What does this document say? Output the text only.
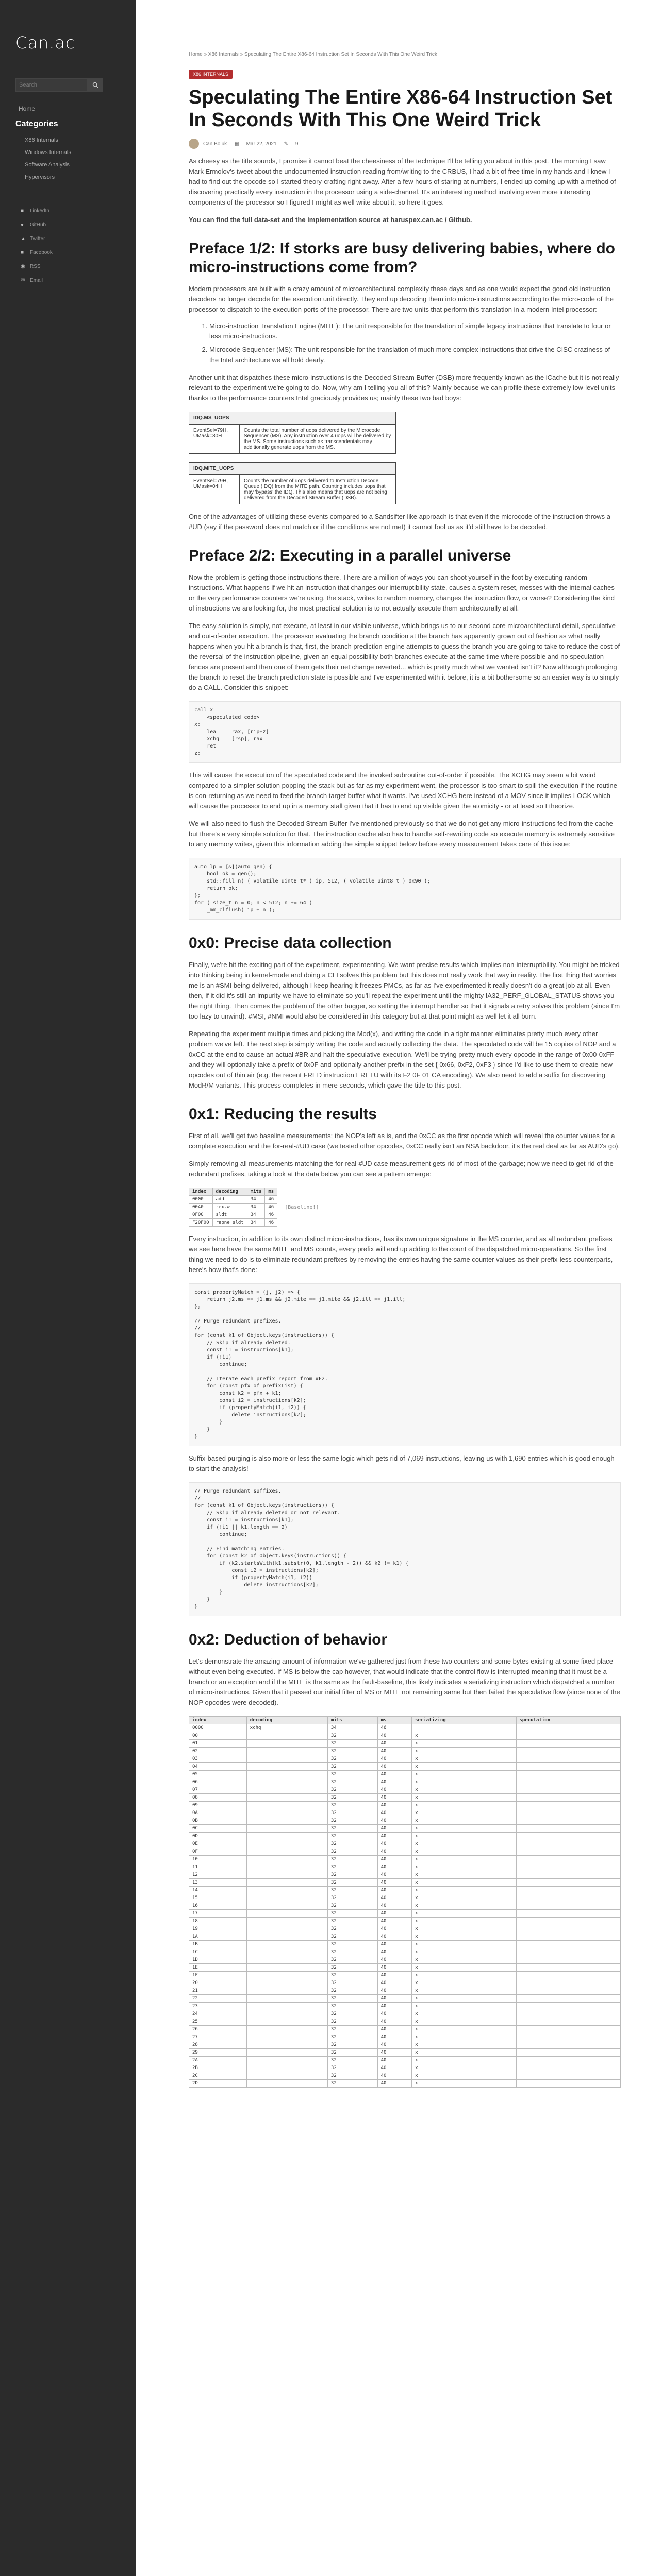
Can.ac
Search
Home
Categories
X86 Internals
Windows Internals
Software Analysis
Hypervisors
■	LinkedIn
●	GitHub
▲ Twitter
■	Facebook
◉ RSS
✉ Email
Home » X86 Internals » Speculating The Entire X86-64 Instruction Set In Seconds With This One Weird Trick
X86 INTERNALS
Speculating The Entire X86-64 Instruction Set In Seconds With This One Weird Trick
Can Bölük ▦ Mar 22, 2021 ✎ 9

As cheesy as the title sounds, I promise it cannot beat the cheesiness of the technique I'll be telling you about in this post. The morning I saw Mark Ermolov's tweet about the undocumented instruction reading from/writing to the CRBUS, I had a bit of free time in my hands and I knew I had to find out the opcode so I started theory-crafting right away. After a few hours of staring at numbers, I ended up coming up with a method of discovering practically every instruction in the processor using a side-channel. It's an interesting method involving even more interesting components of the processor so I figured I might as well write about it, so here it goes.

You can find the full data-set and the implementation source at haruspex.can.ac / Github.

Preface 1/2: If storks are busy delivering babies, where do micro-instructions come from?

Modern processors are built with a crazy amount of microarchitectural complexity these days and as one would expect the good old instruction decoders no longer decode for the execution unit directly. They end up decoding them into micro-instructions according to the micro-code of the processor to dispatch to the execution ports of the processor. There are two units that perform this translation in a modern Intel processor:

1. Micro-instruction Translation Engine (MITE): The unit responsible for the translation of simple legacy instructions that translate to four or less micro-instructions.
2. Microcode Sequencer (MS): The unit responsible for the translation of much more complex instructions that drive the CISC craziness of the Intel architecture we all hold dearly.

Another unit that dispatches these micro-instructions is the Decoded Stream Buffer (DSB) more frequently known as the iCache but it is not really relevant to the experiment we're going to do. Now, why am I telling you all of this? Mainly because we can profile these extremely low-level units thanks to the performance counters Intel graciously provides us; mainly these two bad boys:

IDQ.MS_UOPS
EventSel=79H, UMask=30H	Counts the total number of uops delivered by the Microcode Sequencer (MS). Any instruction over 4 uops will be delivered by the MS. Some instructions such as transcendentals may additionally generate uops from the MS.
IDQ.MITE_UOPS
EventSel=79H, UMask=04H	Counts the number of uops delivered to Instruction Decode Queue (IDQ) from the MITE path. Counting includes uops that may 'bypass' the IDQ. This also means that uops are not being delivered from the Decoded Stream Buffer (DSB).

One of the advantages of utilizing these events compared to a Sandsifter-like approach is that even if the microcode of the instruction throws a #UD (say if the password does not match or if the conditions are not met) it cannot fool us as it'd still have to be decoded.

Preface 2/2: Executing in a parallel universe

Now the problem is getting those instructions there. There are a million of ways you can shoot yourself in the foot by executing random instructions. What happens if we hit an instruction that changes our interruptibility state, causes a system reset, messes with the internal caches or the very performance counters we're using, the stack, writes to random memory, changes the instruction flow, or worse? Considering the kind of instructions we are looking for, the most practical solution is to not actually execute them architecturally at all.

The easy solution is simply, not execute, at least in our visible universe, which brings us to our second core microarchitectural detail, speculative and out-of-order execution. The processor evaluating the branch condition at the branch has apparently grown out of fashion as what really happens when you hit a branch is that, first, the branch prediction engine attempts to guess the branch you are going to take to reduce the cost of the reversal of the instruction pipeline, given an equal possibility both branches execute at the same time where possible and no speculation fences are present and then one of them gets their net change reverted... which is pretty much what we wanted isn't it? Now although prolonging the branch to reset the branch prediction state is possible and I've experimented with it before, it is a bit bothersome so an easier way is to simply do a CALL. Consider this snippet:

call x
<speculated code>
x:
lea     rax, [rip+z]
xchg    [rsp], rax
ret
z:

This will cause the execution of the speculated code and the invoked subroutine out-of-order if possible. The XCHG may seem a bit weird compared to a simpler solution popping the stack but as far as my experiment went, the processor is too smart to spill the execution if the routine is con-returning as we need to feed the branch target buffer what it wants. I've used XCHG here instead of a MOV since it implies LOCK which will cause the processor to end up in a memory stall given that it has to end up visible given the atomicity - or at least so I theorize.

We will also need to flush the Decoded Stream Buffer I've mentioned previously so that we do not get any micro-instructions fed from the cache but there's a very simple solution for that. The instruction cache also has to handle self-rewriting code so execute memory is extremely sensitive to any memory writes, given this information adding the simple snippet below before every measurement takes care of this issue:

auto lp = [&](auto gen) {
bool ok = gen();
std::fill_n( ( volatile uint8_t* ) ip, 512, ( volatile uint8_t ) 0x90 );
return ok;
};
for ( size_t n = 0; n < 512; n += 64 )
_mm_clflush( ip + n );
0x0: Precise data collection

Finally, we're hit the exciting part of the experiment, experimenting. We want precise results which implies non-interruptibility. You might be tricked into thinking being in kernel-mode and doing a CLI solves this problem but this does not really work that way in reality. The first thing that worries me is an #SMI being delivered, although I keep hearing it freezes PMCs, as far as I've experimented it really doesn't do a great job at all. Even then, if it did it's still an impurity we have to eliminate so you'll repeat the experiment until the mighty IA32_PERF_GLOBAL_STATUS shows you the right thing. Then comes the problem of the other bugger, so setting the interrupt handler so that it signals a retry solves this problem (since I'm too lazy to unwind). #MSI, #NMI would also be considered in this category but at that point might as well let it all burn.

Repeating the experiment multiple times and picking the Mod(x), and writing the code in a tight manner eliminates pretty much every other problem we've left. The next step is simply writing the code and actually collecting the data. The speculated code will be 15 copies of NOP and a 0xCC at the end to cause an actual #BR and halt the speculative execution. We'll be trying pretty much every opcode in the range of 0x00-0xFF and they will optionally take a prefix of 0x0F and optionally another prefix in the set { 0x66, 0xF2, 0xF3 } since I'd like to use them to create new opcodes out of thin air (e.g. the recent FRED instruction ERETU with its F2 0F 01 CA encoding). We also need to add a suffix for discovering ModR/M variants. This process completes in mere seconds, which gave the title to this post.

0x1: Reducing the results

First of all, we'll get two baseline measurements; the NOP's left as is, and the 0xCC as the first opcode which will reveal the counter values for a complete execution and the for-real-#UD case (we tested other opcodes, 0xCC really isn't an NSA backdoor, it's the real deal as far as AUD's go).

Simply removing all measurements matching the for-real-#UD case measurement gets rid of most of the garbage; now we need to get rid of the redundant prefixes, taking a look at the data below you can see a pattern emerge:

index	decoding	mits	ms
0000	add	34	46
0040	rex.w	34	46
0F00	sldt	34	46
F20F00	repne sldt	34	46
[Baseline!]

Every instruction, in addition to its own distinct micro-instructions, has its own unique signature in the MS counter, and as all redundant prefixes we see here have the same MITE and MS counts, every prefix will end up adding to the count of the dispatched micro-operations. So the first thing we need to do is to eliminate redundant prefixes by removing the entries having the same counter values as their prefix-less counterparts, here's how that's done:

const propertyMatch = (j, j2) => {
return j2.ms == j1.ms && j2.mite == j1.mite && j2.ill == j1.ill;
};

// Purge redundant prefixes.
//
for (const k1 of Object.keys(instructions)) {
// Skip if already deleted.
const i1 = instructions[k1];
if (!i1)
continue;

// Iterate each prefix report from #F2.
for (const pfx of prefixList) {
const k2 = pfx + k1;
const i2 = instructions[k2];
if (propertyMatch(i1, i2)) {
delete instructions[k2];
}
}
}

Suffix-based purging is also more or less the same logic which gets rid of 7,069 instructions, leaving us with 1,690 entries which is good enough to start the analysis!

// Purge redundant suffixes.
//
for (const k1 of Object.keys(instructions)) {
// Skip if already deleted or not relevant.
const i1 = instructions[k1];
if (!i1 || k1.length == 2)
continue;

// Find matching entries.
for (const k2 of Object.keys(instructions)) {
if (k2.startsWith(k1.substr(0, k1.length - 2)) && k2 != k1) {
const i2 = instructions[k2];
if (propertyMatch(i1, i2))
delete instructions[k2];
}
}
}
0x2: Deduction of behavior

Let's demonstrate the amazing amount of information we've gathered just from these two counters and some bytes existing at some fixed place without even being executed. If MS is below the cap however, that would indicate that the control flow is interrupted meaning that it must be a branch or an exception and if the MITE is the same as the fault-baseline, this likely indicates a serializing instruction which dispatched a number of micro-instructions. Given that it passed our initial filter of MS or MITE not remaining same but then failed the speculative flow (since none of the NOP opcodes were decoded).

index	decoding	mits	ms	serializing	speculation
0000	xchg	34	46		
00		32	40	x	
01		32	40	x	
02		32	40	x	
03		32	40	x	
04		32	40	x	
05		32	40	x	
06		32	40	x	
07		32	40	x	
08		32	40	x	
09		32	40	x	
0A		32	40	x	
0B		32	40	x	
0C		32	40	x	
0D		32	40	x	
0E		32	40	x	
0F		32	40	x	
10		32	40	x	
11		32	40	x	
12		32	40	x	
13		32	40	x	
14		32	40	x	
15		32	40	x	
16		32	40	x	
17		32	40	x	
18		32	40	x	
19		32	40	x	
1A		32	40	x	
1B		32	40	x	
1C		32	40	x	
1D		32	40	x	
1E		32	40	x	
1F		32	40	x	
20		32	40	x	
21		32	40	x	
22		32	40	x	
23		32	40	x	
24		32	40	x	
25		32	40	x	
26		32	40	x	
27		32	40	x	
28		32	40	x	
29		32	40	x	
2A		32	40	x	
2B		32	40	x	
2C		32	40	x	
2D		32	40	x	
